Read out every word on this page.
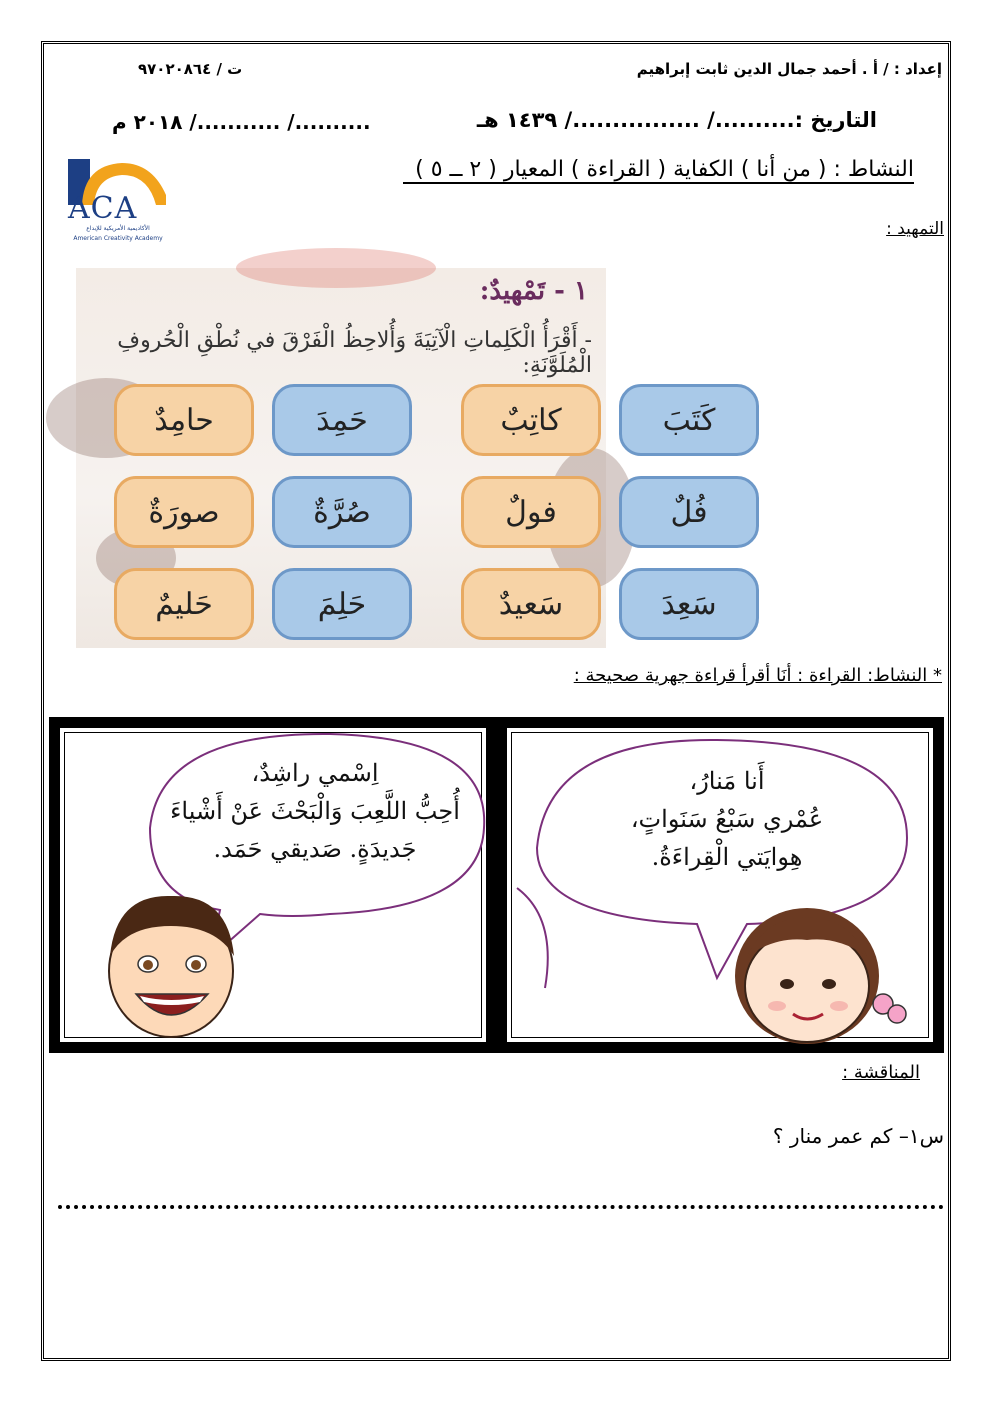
إعداد : / أ . أحمد جمال الدين ثابت إبراهيم
ت / ٩٧٠٢٠٨٦٤
التاريخ :........../ ................/ ١٤٣٩ هـ
........../ .........../ ٢٠١٨ م
النشاط : ( من أنا ) الكفاية ( القراءة ) المعيار ( ٢ ــ ٥ )
ACA
الأكاديمية الأمريكية للإبداع
American Creativity Academy	التمهيد :
١ - تَمْهيدٌ:
- أَقْرَأُ الْكَلِماتِ الْآتِيَةَ وَأُلاحِظُ الْفَرْقَ في نُطْقِ الْحُروفِ الْمُلَوَّنَةِ:
كَتَبَ
كاتِبٌ
حَمِدَ
حامِدٌ
فُلٌ
فولٌ
صُرَّةٌ
صورَةٌ
سَعِدَ
سَعيدٌ
حَلِمَ
حَليمٌ
* النشاط: القراءة : أنَا أقرأ قراءة جهرية صحيحة :
أَنا مَنارُ،
عُمْري سَبْعُ سَنَواتٍ،
هِوايَتي الْقِراءَةُ.
اِسْمي راشِدٌ،
أُحِبُّ اللَّعِبَ وَالْبَحْثَ عَنْ أَشْياءَ
جَديدَةٍ. صَديقي حَمَد.
المناقشة :
س١– كم عمر منار ؟
